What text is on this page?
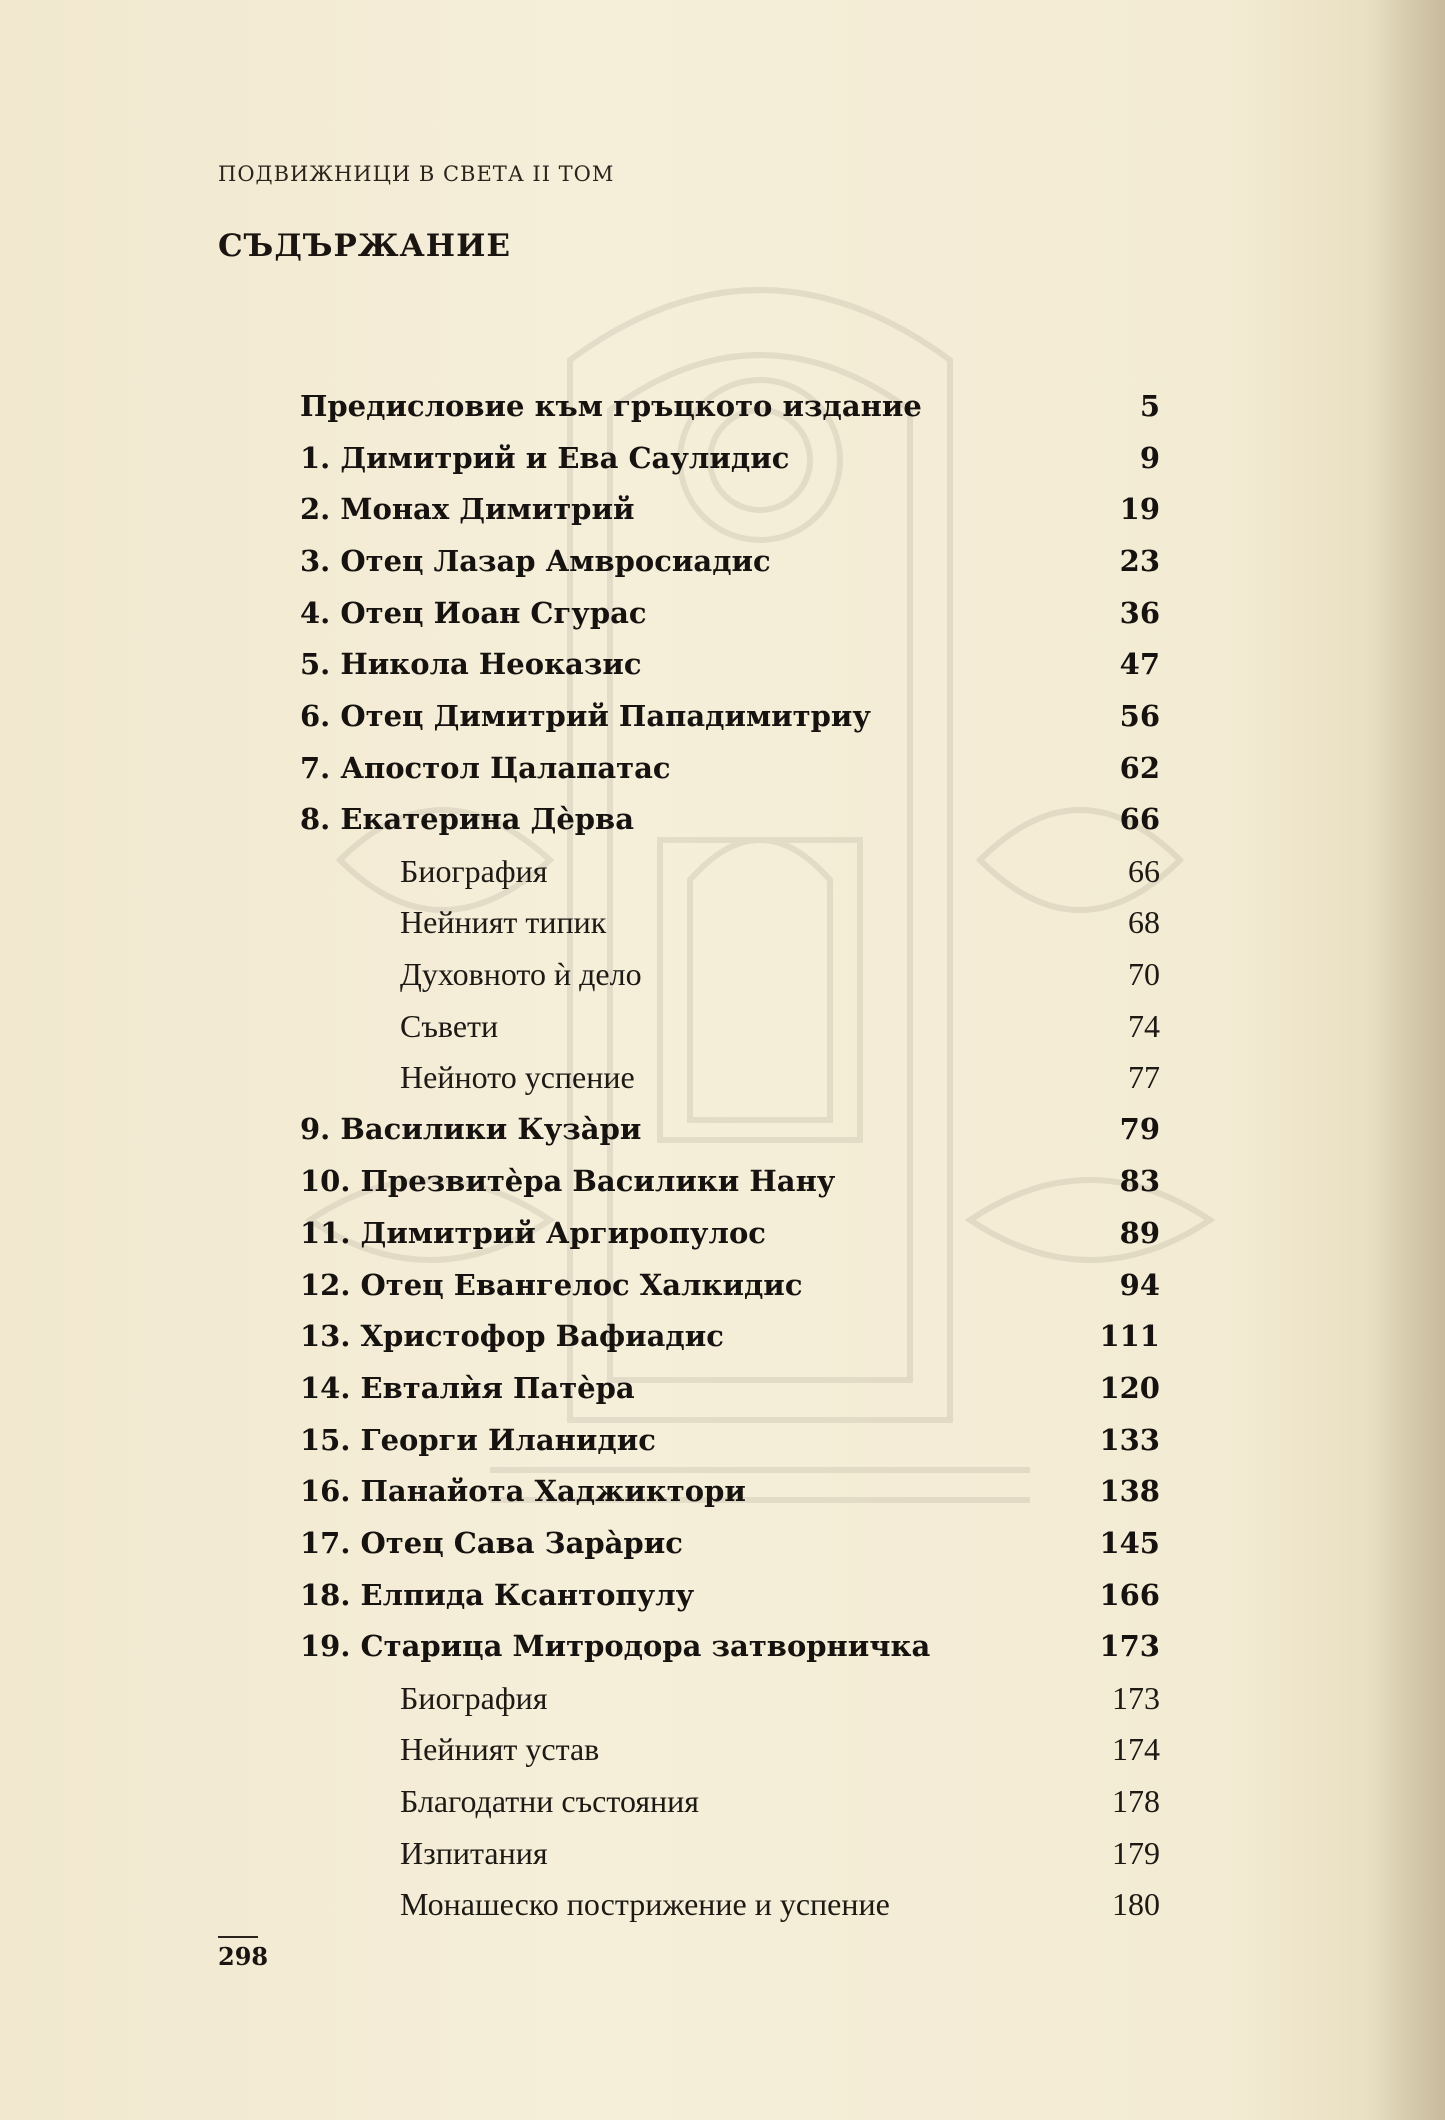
ПОДВИЖНИЦИ В СВЕТА II ТОМ
СЪДЪРЖАНИЕ
Предисловие към гръцкото издание	5
1. Димитрий и Ева Саулидис	9
2. Монах Димитрий	19
3. Отец Лазар Амвросиадис	23
4. Отец Иоан Сгурас	36
5. Никола Неоказис	47
6. Отец Димитрий Пападимитриу	56
7. Апостол Цалапатас	62
8. Екатерина Дѐрва	66
Биография	66
Нейният типик	68
Духовното ѝ дело	70
Съвети	74
Нейното успение	77
9. Василики Кузàри	79
10. Презвитѐра Василики Нану	83
11. Димитрий Аргиропулос	89
12. Отец Евангелос Халкидис	94
13. Христофор Вафиадис	111
14. Евталѝя Патѐра	120
15. Георги Иланидис	133
16. Панайота Хаджиктори	138
17. Отец Сава Зарàрис	145
18. Елпида Ксантопулу	166
19. Старица Митродора затворничка	173
Биография	173
Нейният устав	174
Благодатни състояния	178
Изпитания	179
Монашеско пострижение и успение	180
298
